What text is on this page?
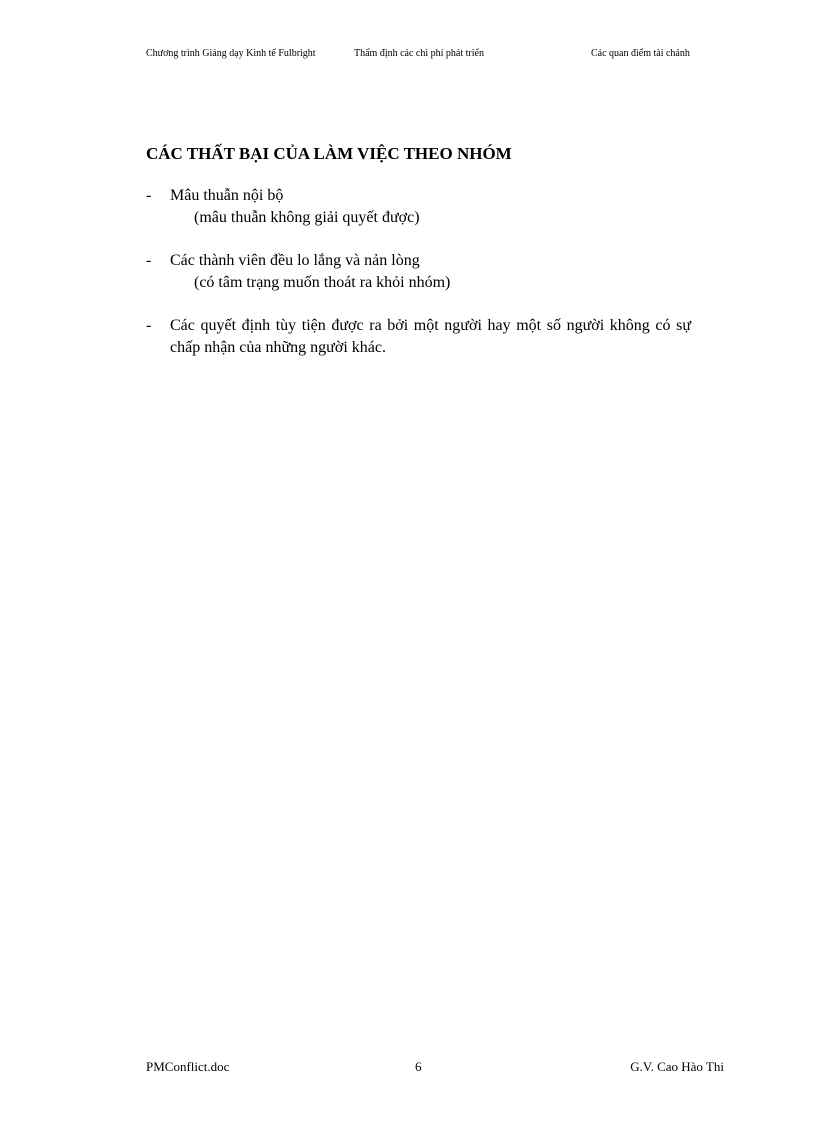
Chương trình Giảng dạy Kinh tế Fulbright	Thẩm định các chi phí phát triển	Các quan điểm tài chánh
CÁC THẤT BẠI CỦA LÀM VIỆC THEO NHÓM
- Mâu thuẫn nội bộ
(mâu thuẫn không giải quyết được)
- Các thành viên đều lo lắng và nản lòng
(có tâm trạng muốn thoát ra khỏi nhóm)
- Các quyết định tùy tiện được ra bởi một người hay một số người không có sự chấp nhận của những người khác.
PMConflict.doc	6	G.V. Cao Hào Thi
